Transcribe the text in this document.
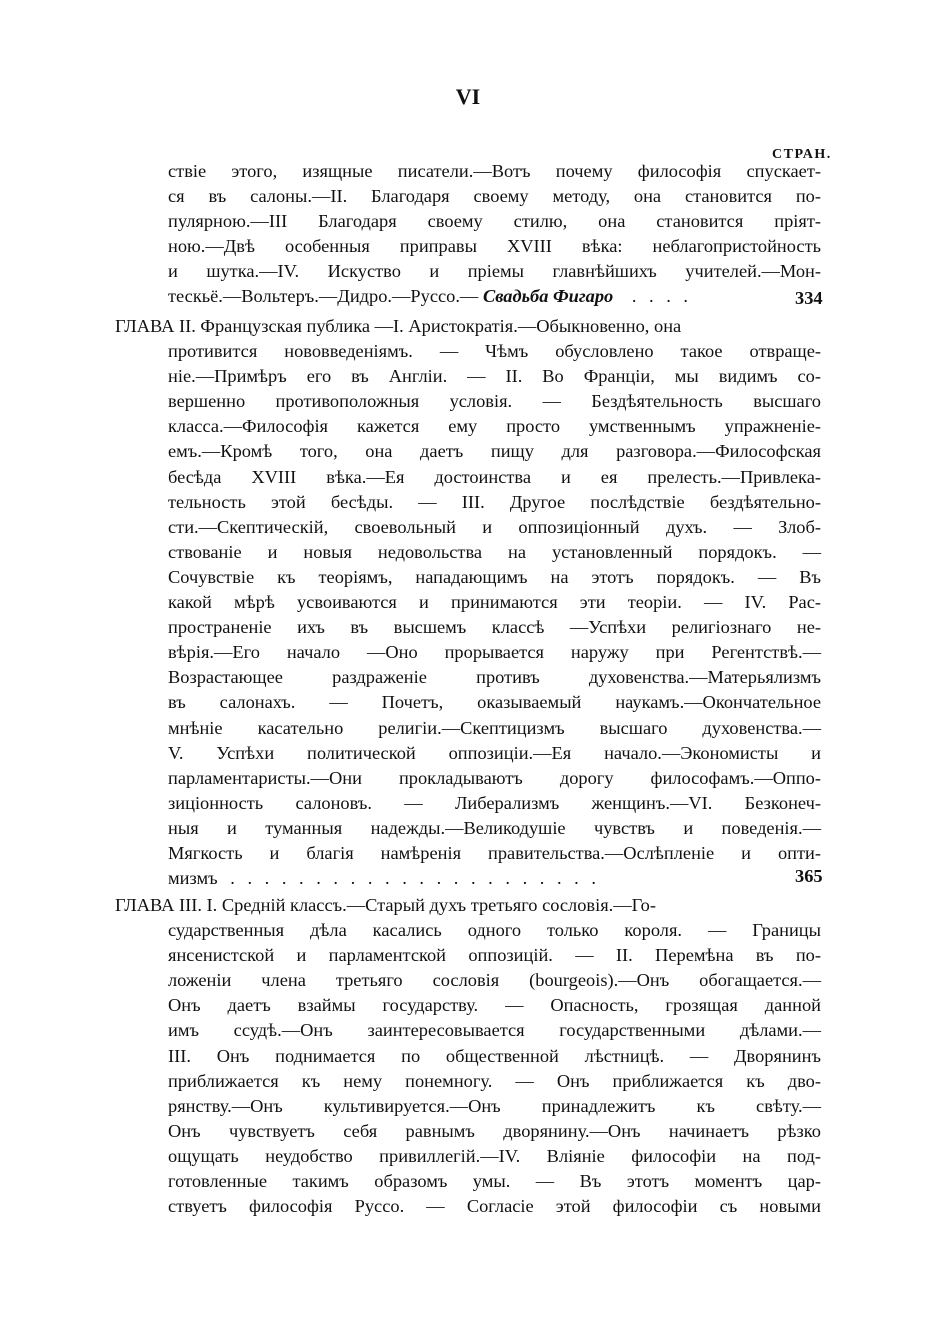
VI
СТРАН.
ствіе этого, изящные писатели.—Вотъ почему философія спускает-
ся въ салоны.—II. Благодаря своему методу, она становится по-
пулярною.—III Благодаря своему стилю, она становится пріят-
ною.—Двѣ особенныя приправы XVIII вѣка: неблагопристойность
и шутка.—IV. Искуство и пріемы главнѣйшихъ учителей.—Мон-
тескьё.—Вольтеръ.—Дидро.—Руссо.— Свадьба Фигаро . . . .	334
ГЛАВА II. Французская публика —I. Аристократія.—Обыкновенно, она
противится нововведеніямъ. — Чѣмъ обусловлено такое отвраще-
ніе.—Примѣръ его въ Англіи. — II. Во Франціи, мы видимъ со-
вершенно противоположныя условія. — Бездѣятельность высшаго
класса.—Философія кажется ему просто умственнымъ упражненіе-
емъ.—Кромѣ того, она даетъ пищу для разговора.—Философская
бесѣда XVIII вѣка.—Ея достоинства и ея прелесть.—Привлека-
тельность этой бесѣды. — III. Другое послѣдствіе бездѣятельно-
сти.—Скептическій, своевольный и оппозиціонный духъ. — Злоб-
ствованіе и новыя недовольства на установленный порядокъ. —
Сочувствіе къ теоріямъ, нападающимъ на этотъ порядокъ. — Въ
какой мѣрѣ усвоиваются и принимаются эти теоріи. — IV. Рас-
пространеніе ихъ въ высшемъ классѣ —Успѣхи религіознаго не-
вѣрія.—Его начало —Оно прорывается наружу при Регентствѣ.—
Возрастающее раздраженіе противъ духовенства.—Матерьялизмъ
въ салонахъ. — Почетъ, оказываемый наукамъ.—Окончательное
мнѣніе касательно религіи.—Скептицизмъ высшаго духовенства.—
V. Успѣхи политической оппозиціи.—Ея начало.—Экономисты и
парламентаристы.—Они прокладываютъ дорогу философамъ.—Оппо-
зиціонность салоновъ. — Либерализмъ женщинъ.—VI. Безконеч-
ныя и туманныя надежды.—Великодушіе чувствъ и поведенія.—
Мягкость и благія намѣренія правительства.—Ослѣпленіе и опти-
мизмъ . . . . . . . . . . . . . . . . . . . . . .	365
ГЛАВА III. I. Средній классъ.—Старый духъ третьяго сословія.—Го-
сударственныя дѣла касались одного только короля. — Границы
янсенистской и парламентской оппозицій. — II. Перемѣна въ по-
ложеніи члена третьяго сословія (bourgeois).—Онъ обогащается.—
Онъ даетъ взаймы государству. — Опасность, грозящая данной
имъ ссудѣ.—Онъ заинтересовывается государственными дѣлами.—
III. Онъ поднимается по общественной лѣстницѣ. — Дворянинъ
приближается къ нему понемногу. — Онъ приближается къ дво-
рянству.—Онъ культивируется.—Онъ принадлежитъ къ свѣту.—
Онъ чувствуетъ себя равнымъ дворянину.—Онъ начинаетъ рѣзко
ощущать неудобство привиллегій.—IV. Вліяніе философіи на под-
готовленные такимъ образомъ умы. — Въ этотъ моментъ цар-
ствуетъ философія Руссо. — Согласіе этой философіи съ новыми
